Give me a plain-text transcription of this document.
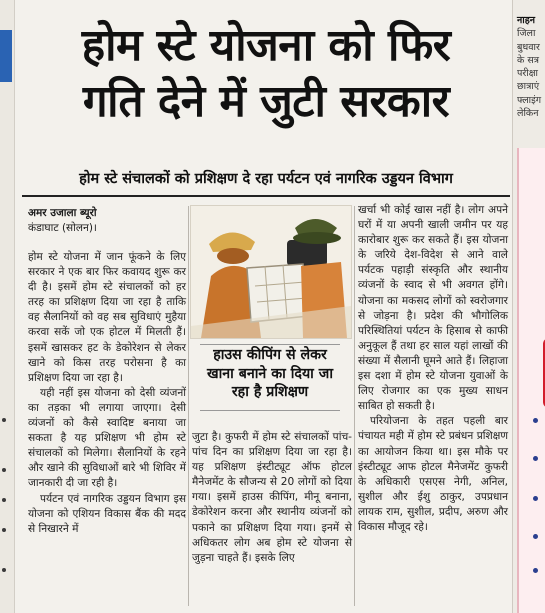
नाहन
जिला
बुधवार
के सत्र
परीक्षा
छात्राएं
फ्लाइंग
लेकिन
होम स्टे योजना को फिर
गति देने में जुटी सरकार
होम स्टे संचालकों को प्रशिक्षण दे रहा पर्यटन एवं नागरिक उड्डयन विभाग
अमर उजाला ब्यूरो
कंडाघाट (सोलन)।

होम स्टे योजना में जान फूंकने के लिए सरकार ने एक बार फिर कवायद शुरू कर दी है। इसमें होम स्टे संचालकों को हर तरह का प्रशिक्षण दिया जा रहा है ताकि वह सैलानियों को वह सब सुविधाएं मुहैया करवा सकें जो एक होटल में मिलती हैं। इसमें खासकर हट के डेकोरेशन से लेकर खाने को किस तरह परोसना है का प्रशिक्षण दिया जा रहा है।

यही नहीं इस योजना को देसी व्यंजनों का तड़का भी लगाया जाएगा। देसी व्यंजनों को कैसे स्वादिष्ट बनाया जा सकता है यह प्रशिक्षण भी होम स्टे संचालकों को मिलेगा। सैलानियों के रहने और खाने की सुविधाओं बारे भी शिविर में जानकारी दी जा रही है।

पर्यटन एवं नागरिक उड्डयन विभाग इस योजना को एशियन विकास बैंक की मदद से निखारने में

हाउस कीपिंग से लेकर
खाना बनाने का दिया जा
रहा है प्रशिक्षण

जुटा है। कुफरी में होम स्टे संचालकों पांच-पांच दिन का प्रशिक्षण दिया जा रहा है। यह प्रशिक्षण इंस्टीट्यूट ऑफ होटल मैनेजमेंट के सौजन्य से 20 लोगों को दिया गया। इसमें हाउस कीपिंग, मीनू बनाना, डेकोरेशन करना और स्थानीय व्यंजनों को पकाने का प्रशिक्षण दिया गया। इनमें से अधिकतर लोग अब होम स्टे योजना से जुड़ना चाहते हैं। इसके लिए

खर्चा भी कोई खास नहीं है। लोग अपने घरों में या अपनी खाली जमीन पर यह कारोबार शुरू कर सकते हैं। इस योजना के जरिये देश-विदेश से आने वाले पर्यटक पहाड़ी संस्कृति और स्थानीय व्यंजनों के स्वाद से भी अवगत होंगे। योजना का मकसद लोगों को स्वरोजगार से जोड़ना है। प्रदेश की भौगोलिक परिस्थितियां पर्यटन के हिसाब से काफी अनुकूल हैं तथा हर साल यहां लाखों की संख्या में सैलानी घूमने आते हैं। लिहाजा इस दशा में होम स्टे योजना युवाओं के लिए रोजगार का एक मुख्य साधन साबित हो सकती है।

परियोजना के तहत पहली बार पंचायत मही में होम स्टे प्रबंधन प्रशिक्षण का आयोजन किया था। इस मौके पर इंस्टीट्यूट आफ होटल मैनेजमेंट कुफरी के अधिकारी एसएस नेगी, अनिल, सुशील और ईशु ठाकुर, उपप्रधान लायक राम, सुशील, प्रदीप, अरुण और विकास मौजूद रहे।
